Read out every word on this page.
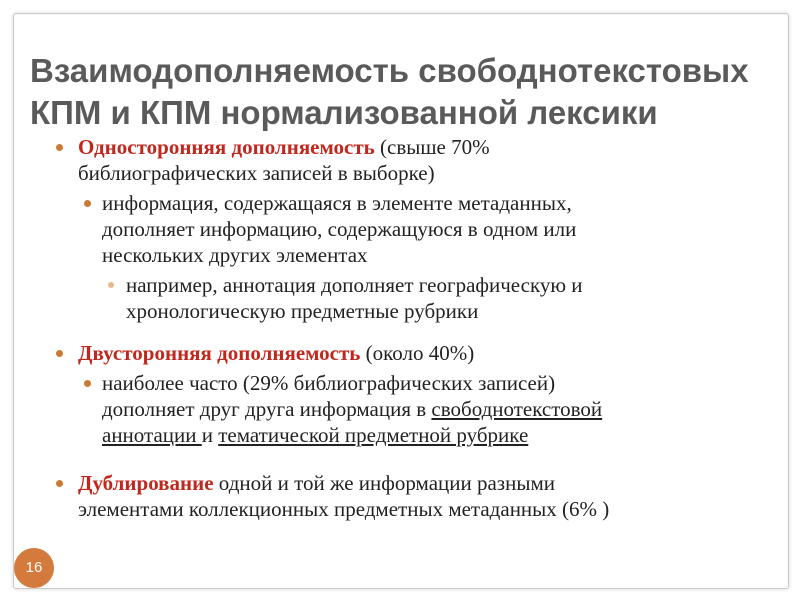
Взаимодополняемость свободнотекстовых
КПМ и КПМ нормализованной лексики
Односторонняя дополняемость (свыше 70%
библиографических записей в выборке)
информация, содержащаяся в элементе метаданных,
дополняет информацию, содержащуюся в одном или
нескольких других элементах
например, аннотация дополняет географическую и
хронологическую предметные рубрики
Двусторонняя дополняемость (около 40%)
наиболее часто (29% библиографических записей)
дополняет друг друга информация в свободнотекстовой
аннотации и тематической предметной рубрике
Дублирование одной и той же информации разными
элементами коллекционных предметных метаданных (6% )
16
